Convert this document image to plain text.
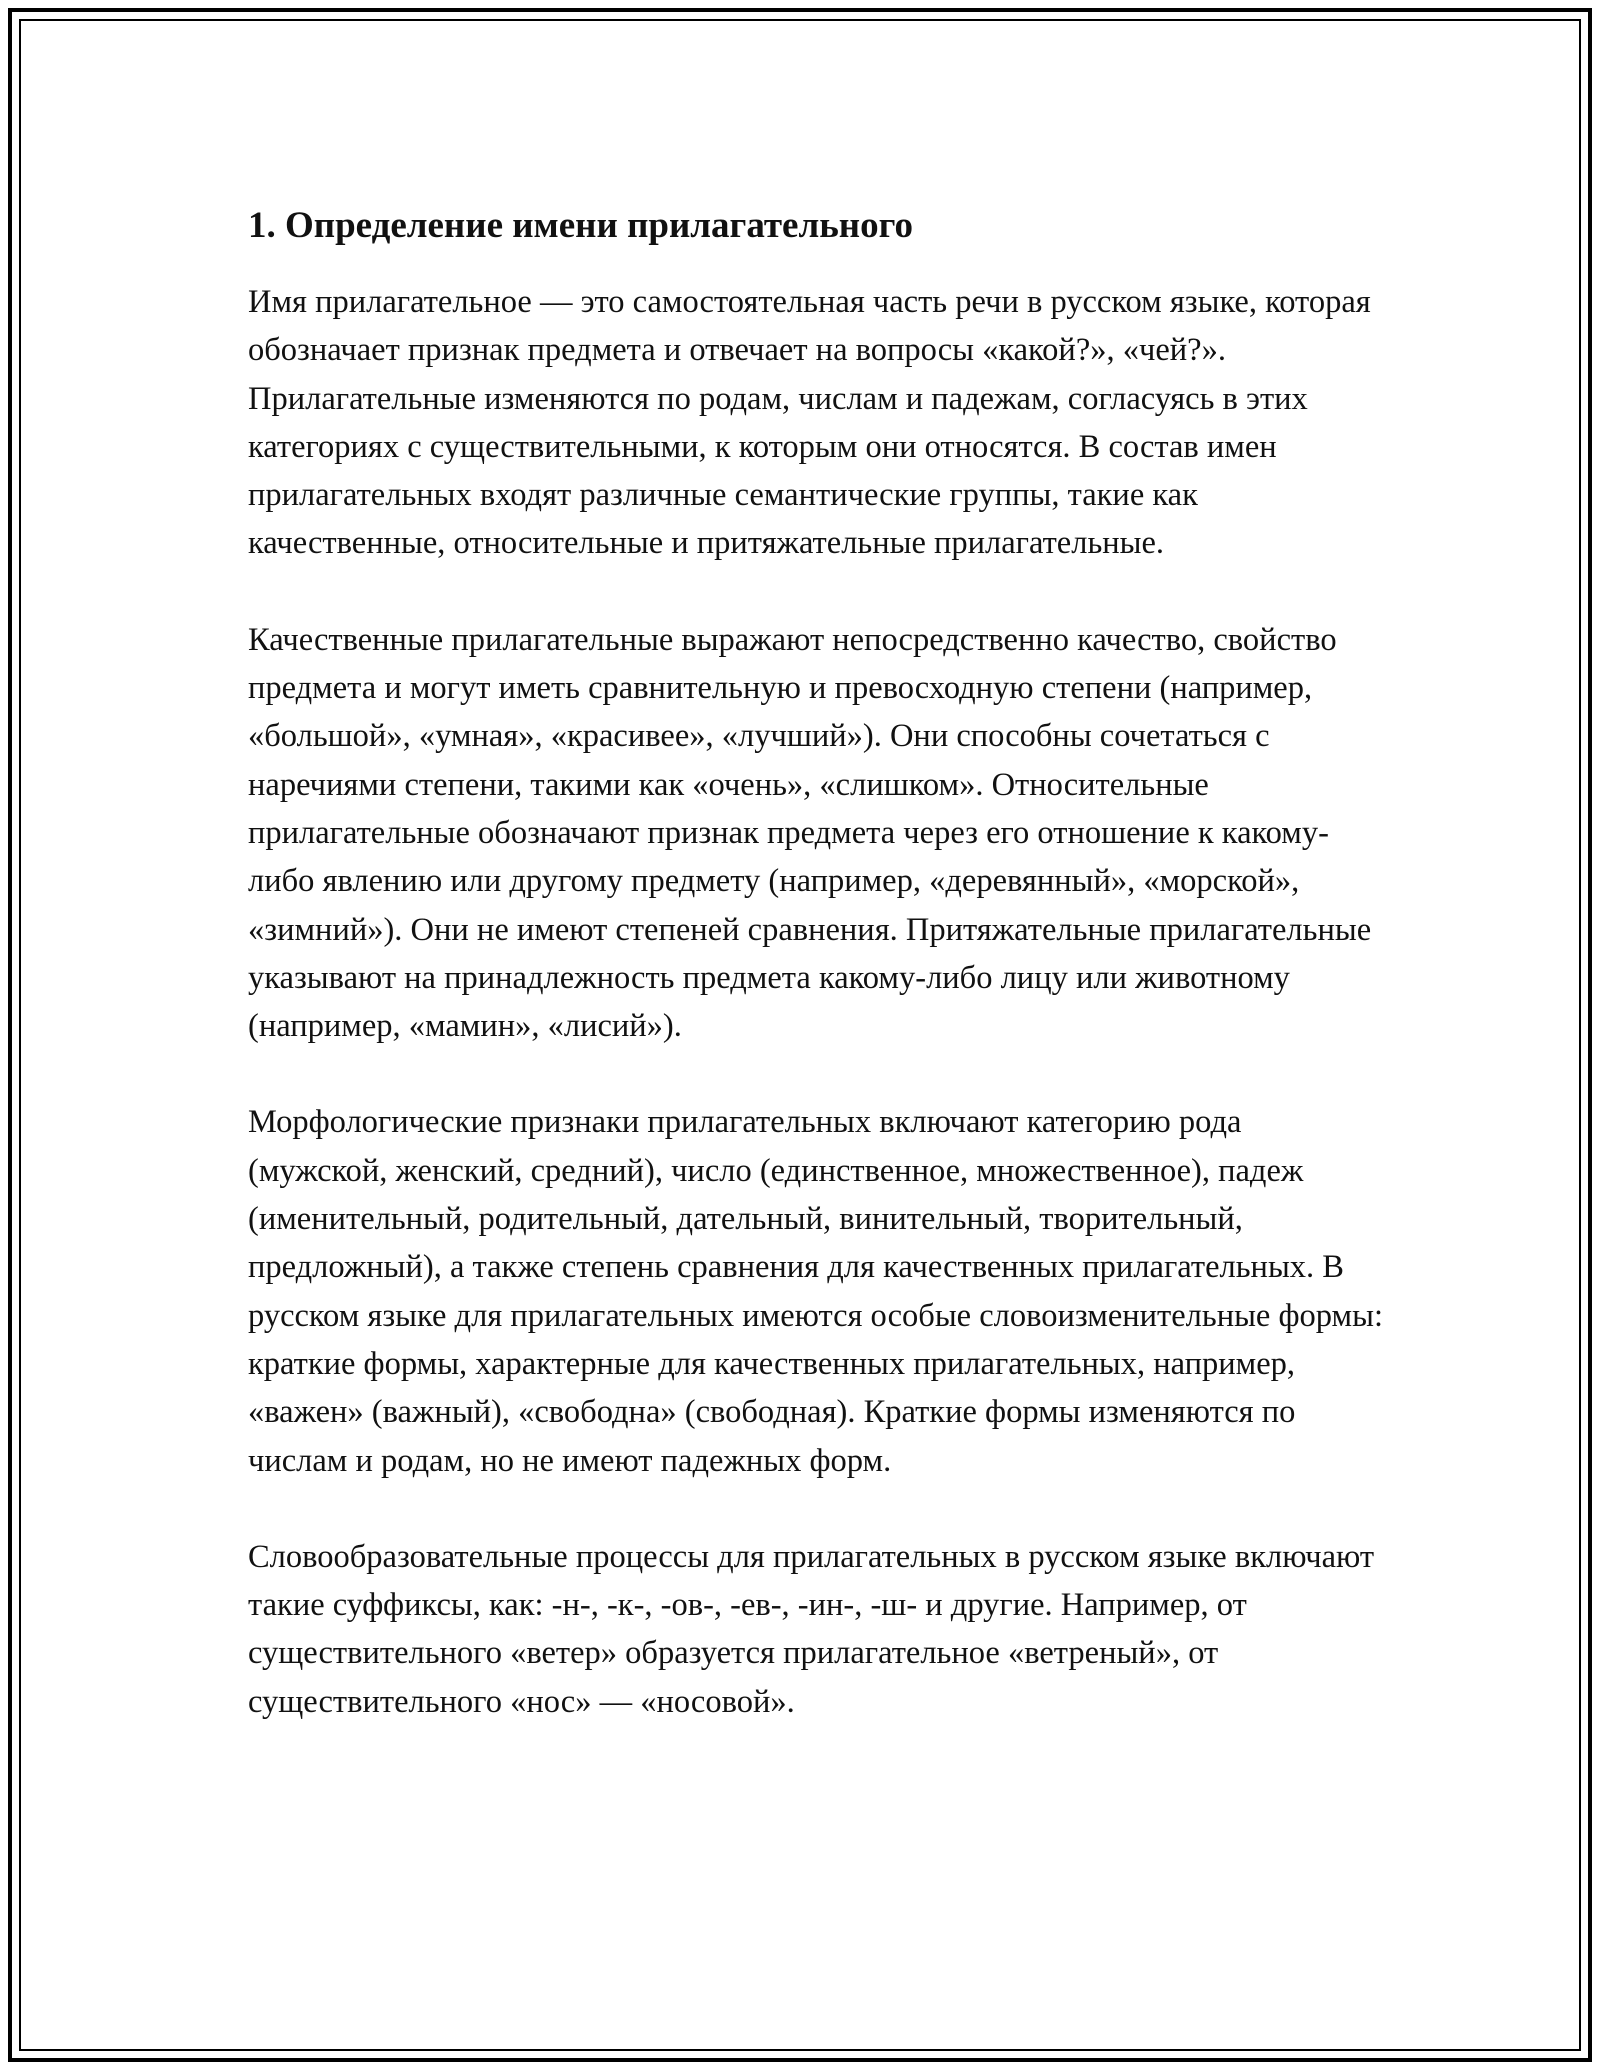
1. Определение имени прилагательного

Имя прилагательное — это самостоятельная часть речи в русском языке, которая обозначает признак предмета и отвечает на вопросы «какой?», «чей?». Прилагательные изменяются по родам, числам и падежам, согласуясь в этих категориях с существительными, к которым они относятся. В состав имен прилагательных входят различные семантические группы, такие как качественные, относительные и притяжательные прилагательные.

Качественные прилагательные выражают непосредственно качество, свойство предмета и могут иметь сравнительную и превосходную степени (например, «большой», «умная», «красивее», «лучший»). Они способны сочетаться с наречиями степени, такими как «очень», «слишком». Относительные прилагательные обозначают признак предмета через его отношение к какому-либо явлению или другому предмету (например, «деревянный», «морской», «зимний»). Они не имеют степеней сравнения. Притяжательные прилагательные указывают на принадлежность предмета какому-либо лицу или животному (например, «мамин», «лисий»).

Морфологические признаки прилагательных включают категорию рода (мужской, женский, средний), число (единственное, множественное), падеж (именительный, родительный, дательный, винительный, творительный, предложный), а также степень сравнения для качественных прилагательных. В русском языке для прилагательных имеются особые словоизменительные формы: краткие формы, характерные для качественных прилагательных, например, «важен» (важный), «свободна» (свободная). Краткие формы изменяются по числам и родам, но не имеют падежных форм.

Словообразовательные процессы для прилагательных в русском языке включают такие суффиксы, как: -н-, -к-, -ов-, -ев-, -ин-, -ш- и другие. Например, от существительного «ветер» образуется прилагательное «ветреный», от существительного «нос» — «носовой».
